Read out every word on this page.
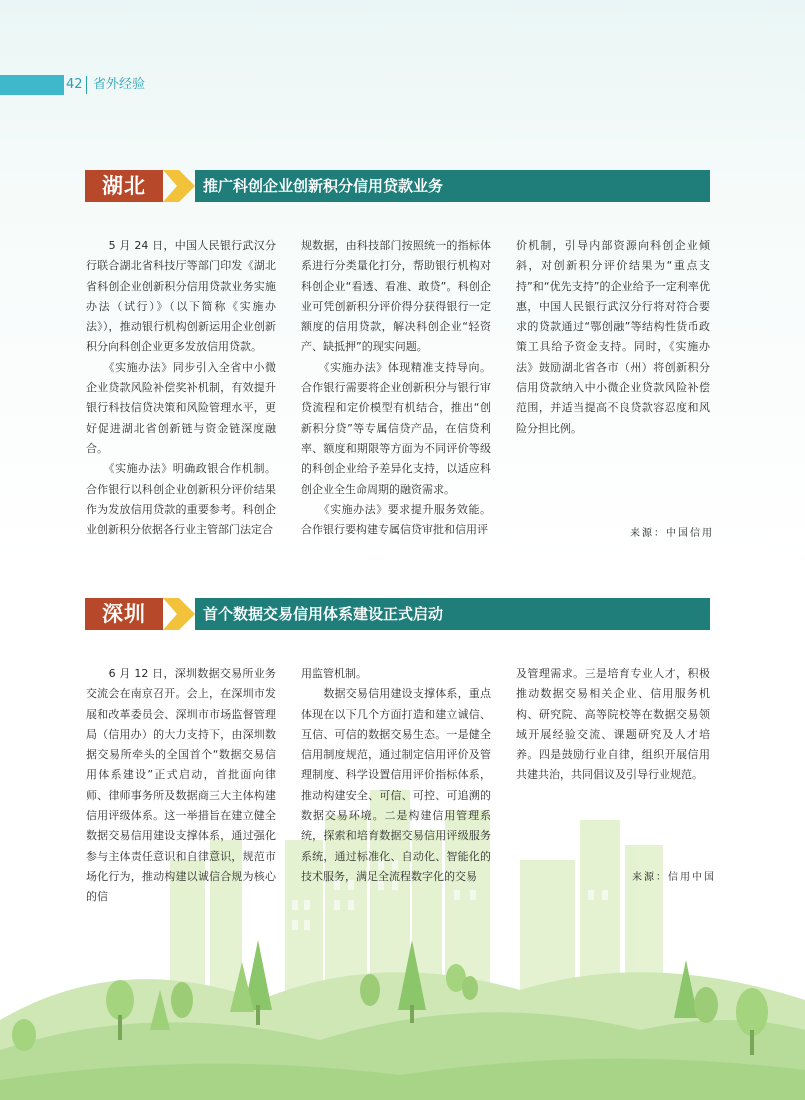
42 省外经验
湖北	推广科创企业创新积分信用贷款业务
　　5 月 24 日，中国人民银行武汉分行联合湖北省科技厅等部门印发《湖北省科创企业创新积分信用贷款业务实施办法（试行）》（以下简称《实施办法》），推动银行机构创新运用企业创新积分向科创企业更多发放信用贷款。
　　《实施办法》同步引入全省中小微企业贷款风险补偿奖补机制，有效提升银行科技信贷决策和风险管理水平，更好促进湖北省创新链与资金链深度融合。
　　《实施办法》明确政银合作机制。合作银行以科创企业创新积分评价结果作为发放信用贷款的重要参考。科创企业创新积分依据各行业主管部门法定合
规数据，由科技部门按照统一的指标体系进行分类量化打分，帮助银行机构对科创企业“看透、看准、敢贷”。科创企业可凭创新积分评价得分获得银行一定额度的信用贷款，解决科创企业“轻资产、缺抵押”的现实问题。
　　《实施办法》体现精准支持导向。合作银行需要将企业创新积分与银行审贷流程和定价模型有机结合，推出“创新积分贷”等专属信贷产品，在信贷利率、额度和期限等方面为不同评价等级的科创企业给予差异化支持，以适应科创企业全生命周期的融资需求。
　　《实施办法》要求提升服务效能。合作银行要构建专属信贷审批和信用评
价机制，引导内部资源向科创企业倾斜，对创新积分评价结果为“重点支持”和“优先支持”的企业给予一定利率优惠，中国人民银行武汉分行将对符合要求的贷款通过“鄂创融”等结构性货币政策工具给予资金支持。同时，《实施办法》鼓励湖北省各市（州）将创新积分信用贷款纳入中小微企业贷款风险补偿范围，并适当提高不良贷款容忍度和风险分担比例。
来源：中国信用
深圳	首个数据交易信用体系建设正式启动
　　6 月 12 日，深圳数据交易所业务交流会在南京召开。会上，在深圳市发展和改革委员会、深圳市市场监督管理局（信用办）的大力支持下，由深圳数据交易所牵头的全国首个“数据交易信用体系建设”正式启动，首批面向律师、律师事务所及数据商三大主体构建信用评级体系。这一举措旨在建立健全数据交易信用建设支撑体系，通过强化参与主体责任意识和自律意识，规范市场化行为，推动构建以诚信合规为核心的信
用监管机制。
　　数据交易信用建设支撑体系，重点体现在以下几个方面打造和建立诚信、互信、可信的数据交易生态。一是健全信用制度规范，通过制定信用评价及管理制度、科学设置信用评价指标体系，推动构建安全、可信、可控、可追溯的数据交易环境。二是构建信用管理系统，探索和培育数据交易信用评级服务系统，通过标准化、自动化、智能化的技术服务，满足全流程数字化的交易
及管理需求。三是培育专业人才，积极推动数据交易相关企业、信用服务机构、研究院、高等院校等在数据交易领域开展经验交流、课题研究及人才培养。四是鼓励行业自律，组织开展信用共建共治，共同倡议及引导行业规范。
来源：信用中国
